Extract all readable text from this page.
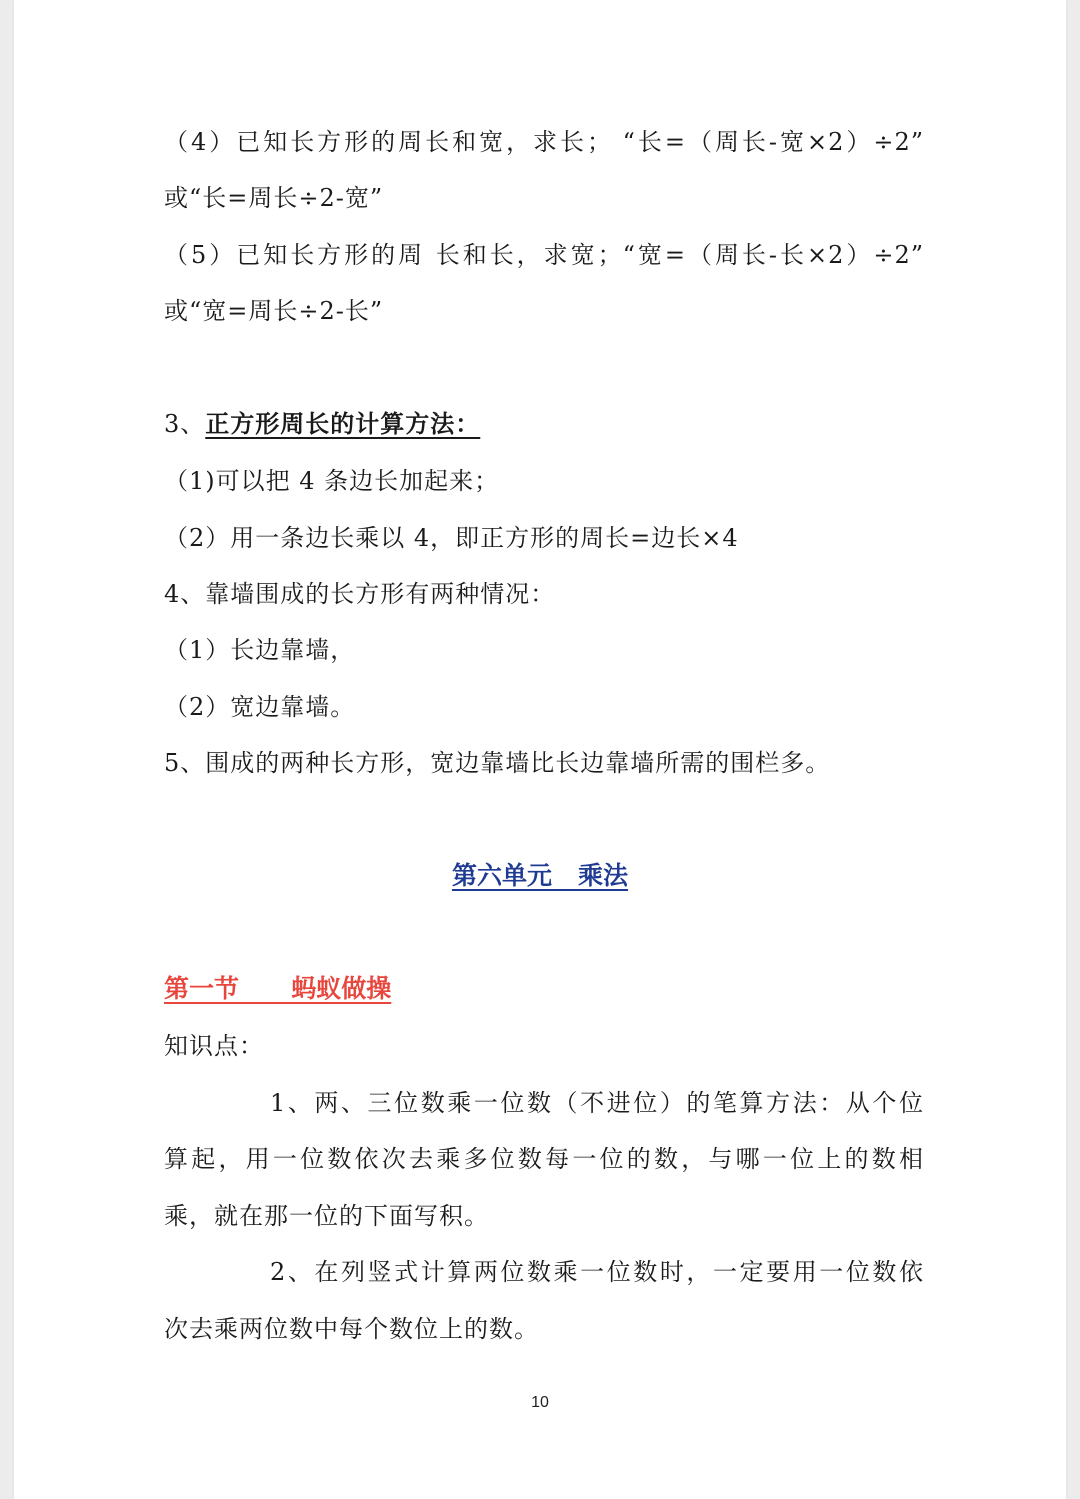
（4）已知长方形的周长和宽，求长； “长=（周长-宽×2）÷2”
或“长=周长÷2-宽”
（5）已知长方形的周 长和长，求宽；“宽=（周长-长×2）÷2”
或“宽=周长÷2-长”
3、正方形周长的计算方法：
（1)可以把 4 条边长加起来；
（2）用一条边长乘以 4，即正方形的周长=边长×4
4、靠墙围成的长方形有两种情况：
（1）长边靠墙，
（2）宽边靠墙。
5、围成的两种长方形，宽边靠墙比长边靠墙所需的围栏多。
第六单元   乘法
第一节      蚂蚁做操
知识点：
1、两、三位数乘一位数（不进位）的笔算方法：从个位
算起，用一位数依次去乘多位数每一位的数，与哪一位上的数相
乘，就在那一位的下面写积。
2、在列竖式计算两位数乘一位数时，一定要用一位数依
次去乘两位数中每个数位上的数。
10
